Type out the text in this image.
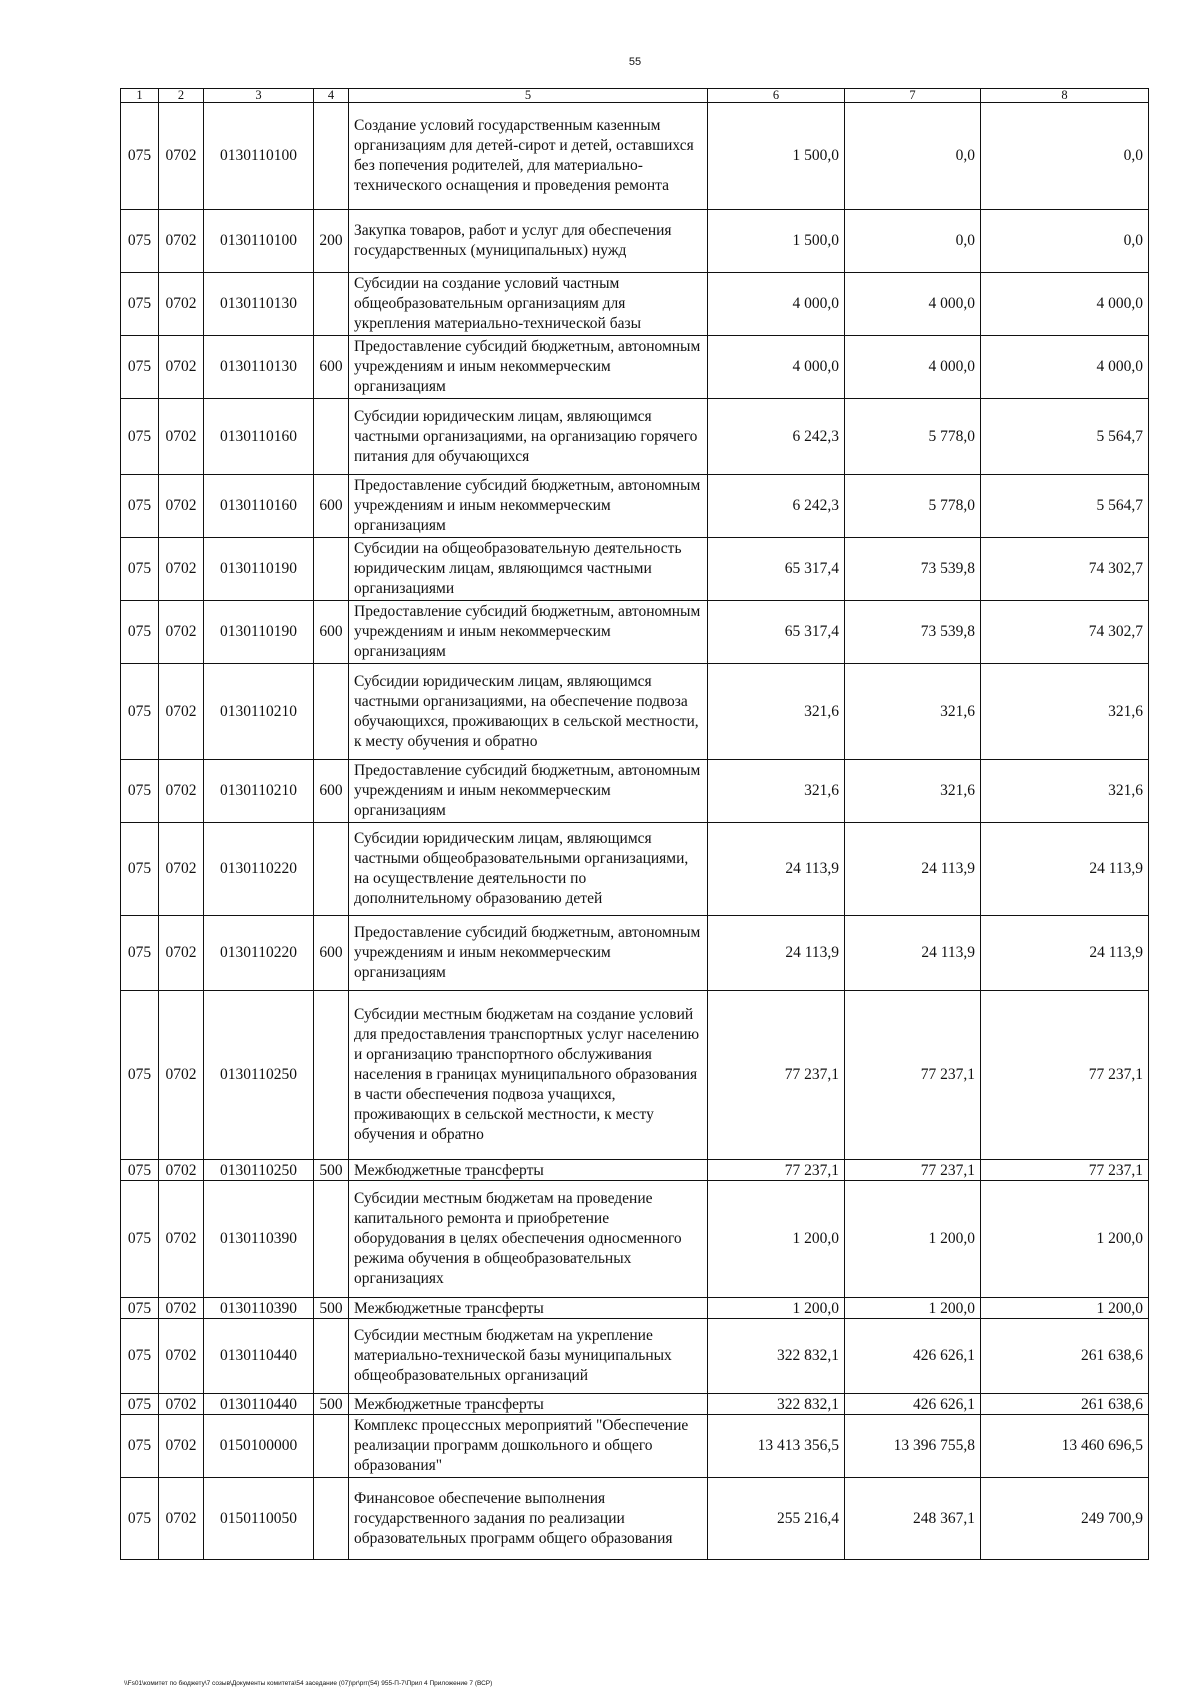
55
1	2	3	4	5	6	7	8
075	0702	0130110100		Создание условий государственным казенным организациям для детей-сирот и детей, оставшихся без попечения родителей, для материально-технического оснащения и проведения ремонта	1 500,0	0,0	0,0
075	0702	0130110100	200	Закупка товаров, работ и услуг для обеспечения государственных (муниципальных) нужд	1 500,0	0,0	0,0
075	0702	0130110130		Субсидии на создание условий частным общеобразовательным организациям для укрепления материально-технической базы	4 000,0	4 000,0	4 000,0
075	0702	0130110130	600	Предоставление субсидий бюджетным, автономным учреждениям и иным некоммерческим организациям	4 000,0	4 000,0	4 000,0
075	0702	0130110160		Субсидии юридическим лицам, являющимся частными организациями, на организацию горячего питания для обучающихся	6 242,3	5 778,0	5 564,7
075	0702	0130110160	600	Предоставление субсидий бюджетным, автономным учреждениям и иным некоммерческим организациям	6 242,3	5 778,0	5 564,7
075	0702	0130110190		Субсидии на общеобразовательную деятельность юридическим лицам, являющимся частными организациями	65 317,4	73 539,8	74 302,7
075	0702	0130110190	600	Предоставление субсидий бюджетным, автономным учреждениям и иным некоммерческим организациям	65 317,4	73 539,8	74 302,7
075	0702	0130110210		Субсидии юридическим лицам, являющимся частными организациями, на обеспечение подвоза обучающихся, проживающих в сельской местности, к месту обучения и обратно	321,6	321,6	321,6
075	0702	0130110210	600	Предоставление субсидий бюджетным, автономным учреждениям и иным некоммерческим организациям	321,6	321,6	321,6
075	0702	0130110220		Субсидии юридическим лицам, являющимся частными общеобразовательными организациями, на осуществление деятельности по дополнительному образованию детей	24 113,9	24 113,9	24 113,9
075	0702	0130110220	600	Предоставление субсидий бюджетным, автономным учреждениям и иным некоммерческим организациям	24 113,9	24 113,9	24 113,9
075	0702	0130110250		Субсидии местным бюджетам на создание условий для предоставления транспортных услуг населению и организацию транспортного обслуживания населения в границах муниципального образования в части обеспечения подвоза учащихся, проживающих в сельской местности, к месту обучения и обратно	77 237,1	77 237,1	77 237,1
075	0702	0130110250	500	Межбюджетные трансферты	77 237,1	77 237,1	77 237,1
075	0702	0130110390		Субсидии местным бюджетам на проведение капитального ремонта и приобретение оборудования в целях обеспечения односменного режима обучения в общеобразовательных организациях	1 200,0	1 200,0	1 200,0
075	0702	0130110390	500	Межбюджетные трансферты	1 200,0	1 200,0	1 200,0
075	0702	0130110440		Субсидии местным бюджетам на укрепление материально-технической базы муниципальных общеобразовательных организаций	322 832,1	426 626,1	261 638,6
075	0702	0130110440	500	Межбюджетные трансферты	322 832,1	426 626,1	261 638,6
075	0702	0150100000		Комплекс процессных мероприятий "Обеспечение реализации программ дошкольного и общего образования"	13 413 356,5	13 396 755,8	13 460 696,5
075	0702	0150110050		Финансовое обеспечение выполнения государственного задания по реализации образовательных программ общего образования	255 216,4	248 367,1	249 700,9
\\Fs01\комитет по бюджету\7 созыв\Документы комитета\54 заседание (07)\pr\prг(54) 955-П-7\Прил 4 Приложение 7 (ВСР)
